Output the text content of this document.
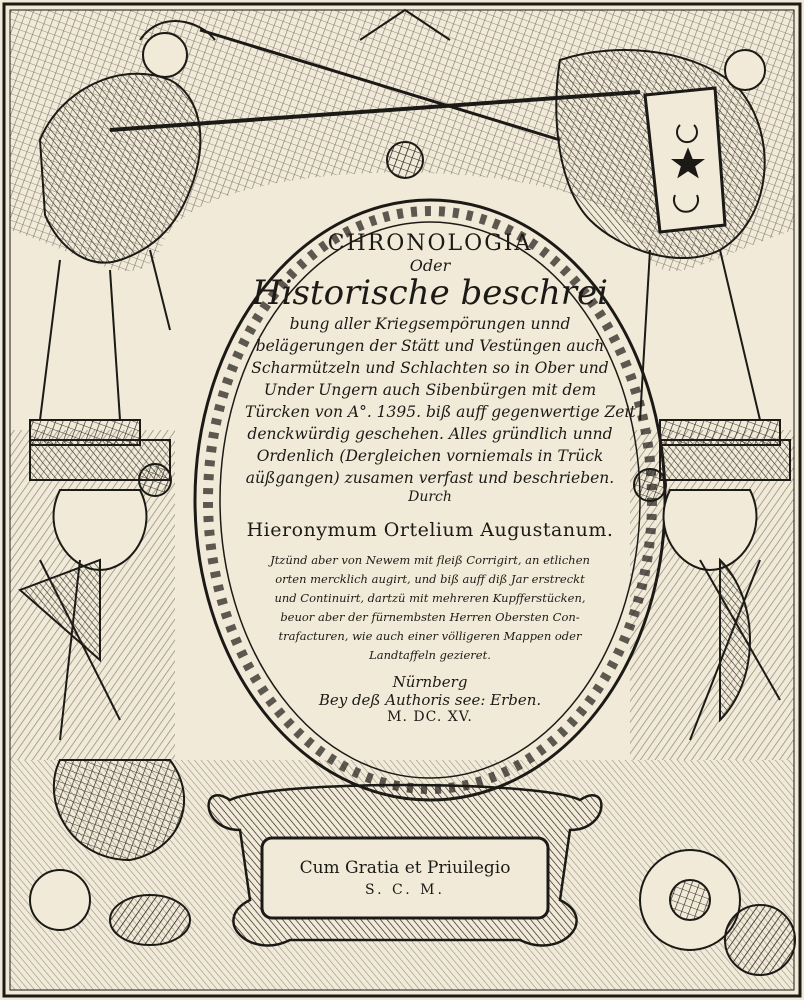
CHRONOLOGIA
Oder
Historische beschrei
bung aller Kriegsempörungen unnd
belägerungen der Stätt und Vestüngen auch
Scharmützeln und Schlachten so in Ober und
Under Ungern auch Sibenbürgen mit dem
Türcken von A°. 1395. biß auff gegenwertige Zeit
denckwürdig geschehen. Alles gründlich unnd
Ordenlich (Dergleichen vorniemals in Trück
aüßgangen) zusamen verfast und beschrieben.
Durch
Hieronymum Ortelium Augustanum.
Jtzünd aber von Newem mit fleiß Corrigirt, an etlichen
orten mercklich augirt, und biß auff diß Jar erstreckt
und Continuirt, dartzü mit mehreren Kupfferstücken,
beuor aber der fürnembsten Herren Obersten Con-
trafacturen, wie auch einer völligeren Mappen oder
Landtaffeln gezieret.
Nürnberg
Bey deß Authoris see: Erben.
M. DC. XV.
Cum Gratia et Priuilegio
S. C. M.
